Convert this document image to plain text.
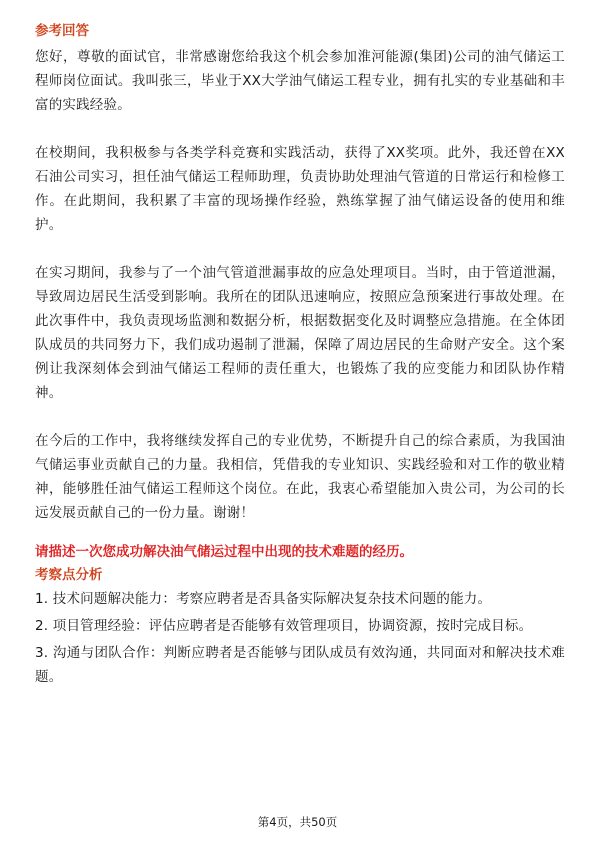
参考回答

您好，尊敬的面试官，非常感谢您给我这个机会参加淮河能源(集团)公司的油气储运工程师岗位面试。我叫张三，毕业于XX大学油气储运工程专业，拥有扎实的专业基础和丰富的实践经验。

在校期间，我积极参与各类学科竞赛和实践活动，获得了XX奖项。此外，我还曾在XX石油公司实习，担任油气储运工程师助理，负责协助处理油气管道的日常运行和检修工作。在此期间，我积累了丰富的现场操作经验，熟练掌握了油气储运设备的使用和维护。

在实习期间，我参与了一个油气管道泄漏事故的应急处理项目。当时，由于管道泄漏，导致周边居民生活受到影响。我所在的团队迅速响应，按照应急预案进行事故处理。在此次事件中，我负责现场监测和数据分析，根据数据变化及时调整应急措施。在全体团队成员的共同努力下，我们成功遏制了泄漏，保障了周边居民的生命财产安全。这个案例让我深刻体会到油气储运工程师的责任重大，也锻炼了我的应变能力和团队协作精神。

在今后的工作中，我将继续发挥自己的专业优势，不断提升自己的综合素质，为我国油气储运事业贡献自己的力量。我相信，凭借我的专业知识、实践经验和对工作的敬业精神，能够胜任油气储运工程师这个岗位。在此，我衷心希望能加入贵公司，为公司的长远发展贡献自己的一份力量。谢谢！

请描述一次您成功解决油气储运过程中出现的技术难题的经历。
考察点分析
1. 技术问题解决能力：考察应聘者是否具备实际解决复杂技术问题的能力。
2. 项目管理经验：评估应聘者是否能够有效管理项目，协调资源，按时完成目标。
3. 沟通与团队合作：判断应聘者是否能够与团队成员有效沟通，共同面对和解决技术难题。
第4页，共50页
